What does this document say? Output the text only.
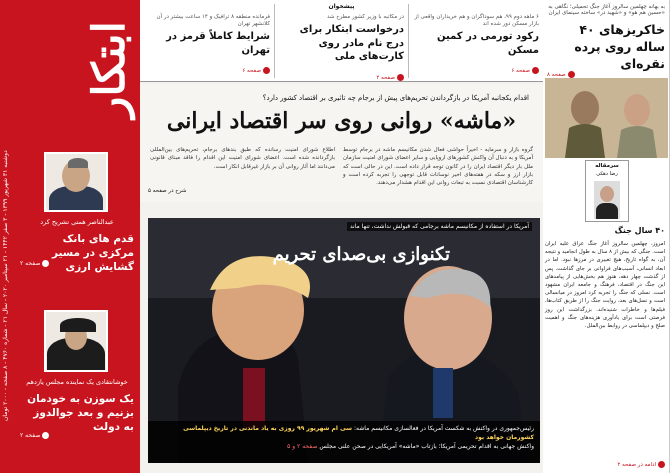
ابتکار
دوشنبه ۳۱ شهریور ۱۳۹۹ - ۳ صفر ۱۴۴۲ - ۲۱ سپتامبر ۲۰۲۰ - سال ۲۱ - شماره ۴۷۶۰ - ۸ صفحه - ۲۰۰۰ تومان
عبدالناصر همتی تشریح کرد
قدم های بانک مرکزی در مسیر گشایش ارزی
صفحه ۲
خوشانتقادی یک نماینده مجلس یازدهم
یک سوزن به خودمان بزنیم و بعد جوالدوز به دولت
صفحه ۲
پیشخوان
۶ ماهه دوم ۹۹، هم سوداگران و هم خریداران واقعی از بازار مسکن دور شده اند
رکود تورمی در کمین مسکن
صفحه ۶
در مکاتبه با وزیر کشور مطرح شد
درخواست ابتکار برای درج نام مادر روی کارت‌های ملی
صفحه ۲
فرمانده منطقه ۸ ترافیک و ۱۴ ساعت بیشتر در آن کلانشهر تهران
شرایط کاملاً قرمز در تهران
صفحه ۶
اقدام یکجانبه آمریکا در بازگرداندن تحریم‌های پیش از برجام چه تاثیری بر اقتصاد کشور دارد؟
«ماشه» روانی روی سر اقتصاد ایرانی
گروه بازار و سرمایه - اخیراً حواشی فعال شدن مکانیسم ماشه در برجام توسط آمریکا و به دنبال آن واکنش کشورهای اروپایی و سایر اعضای شورای امنیت سازمان ملل بار دیگر اقتصاد ایران را در کانون توجه قرار داده است. این در حالی است که بازار ارز و سکه در هفته‌های اخیر نوسانات قابل توجهی را تجربه کرده است و کارشناسان اقتصادی نسبت به تبعات روانی این اقدام هشدار می‌دهند.
اطلاع شورای امنیت رسانده که طبق بندهای برجام، تحریم‌های بین‌المللی بازگردانده شده است. اعضای شورای امنیت این اقدام را فاقد مبنای قانونی می‌دانند اما آثار روانی آن بر بازار غیرقابل انکار است.
شرح در صفحه ۵
آمریکا در استفاده از مکانیسم ماشه برجامی که قبولش نداشت، تنها ماند
تکنوازی بی‌صدای تحریم
رئیس‌جمهوری در واکنش به شکست آمریکا در فعالسازی مکانیسم ماشه: سی ام شهریور ۹۹ روزی به یاد ماندنی در تاریخ دیپلماسی کشورمان خواهد بود
واکنش جهانی به اقدام تحریمی آمریکا؛ بازتاب «ماشه» آمریکایی در صحن علنی مجلس صفحه ۲ و ۵
به بهانه چهلمین سالروز آغاز جنگ تحمیلی؛ نگاهی به «حسین هم هو» و «شهید در» ساخته سینمای ایران
خاکریزهای ۴۰ ساله روی پرده نقره‌ای
صفحه ۸
سرمقاله
رضا دهکی
۴۰ سال جنگ
امروز، چهلمین سالروز آغاز جنگ عراق علیه ایران است. جنگی که بیش از ۸ سال به طول انجامید و نتیجه آن، به گواه تاریخ، هیچ تغییری در مرزها نبود. اما در ابعاد انسانی، آسیب‌های فراوانی بر جای گذاشت. پس از گذشت چهار دهه، هنوز هم بخش‌هایی از پیامدهای این جنگ در اقتصاد، فرهنگ و جامعه ایران مشهود است. نسلی که جنگ را تجربه کرد امروز در میانسالی است و نسل‌های بعد، روایت جنگ را از طریق کتاب‌ها، فیلم‌ها و خاطرات شنیده‌اند. بزرگداشت این روز فرصتی است برای یادآوری هزینه‌های جنگ و اهمیت صلح و دیپلماسی در روابط بین‌الملل.
ادامه در صفحه ۲
